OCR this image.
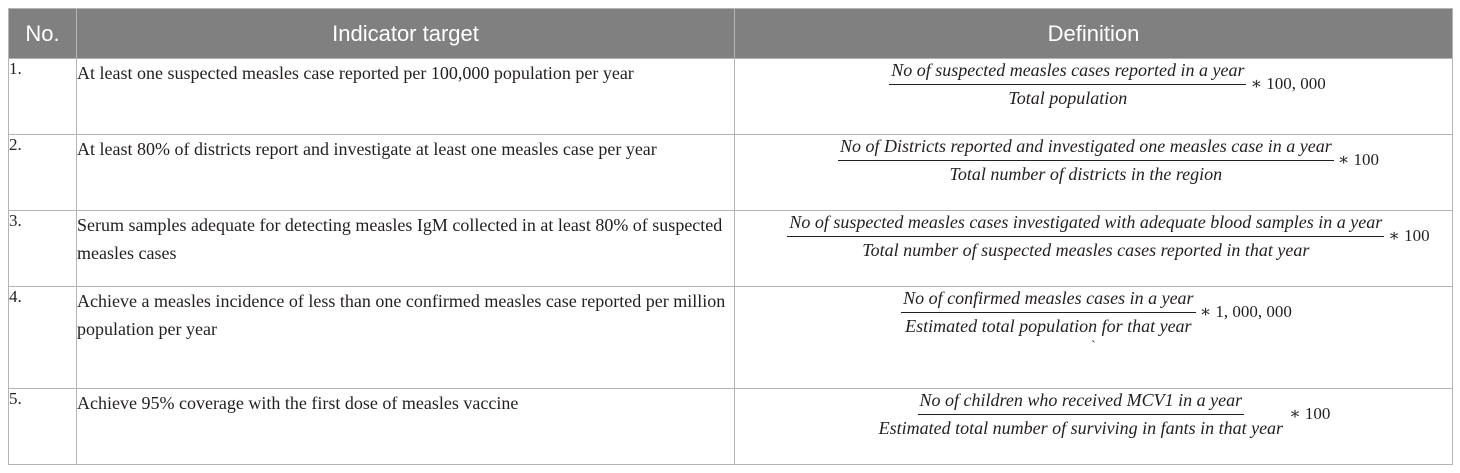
No.	Indicator target	Definition
1.	At least one suspected measles case reported per 100,000 population per year	$\frac{\text{No of suspected measles cases reported in a year}}{\text{Total population}}$ ∗ 100, 000

2.	At least 80% of districts report and investigate at least one measles case per year	No of Districts reported and investigated one measles case in a year
Total number of districts in the region
∗ 100

3.	Serum samples adequate for detecting measles IgM collected in at least 80% of suspected measles cases	No of suspected measles cases investigated with adequate blood samples in a year
Total number of suspected measles cases reported in that year
∗ 100

4.	Achieve a measles incidence of less than one confirmed measles case reported per million population per year	$\frac{\text{No of confirmed measles cases in a year}}{\text{Estimated total population for that year}}$ ∗ 1, 000, 000
`

5.	Achieve 95% coverage with the first dose of measles vaccine	$\frac{\text{No of children who received MCV1 in a year}}{\text{Estimated total number of surviving in fants in that year}}$ ∗ 100
